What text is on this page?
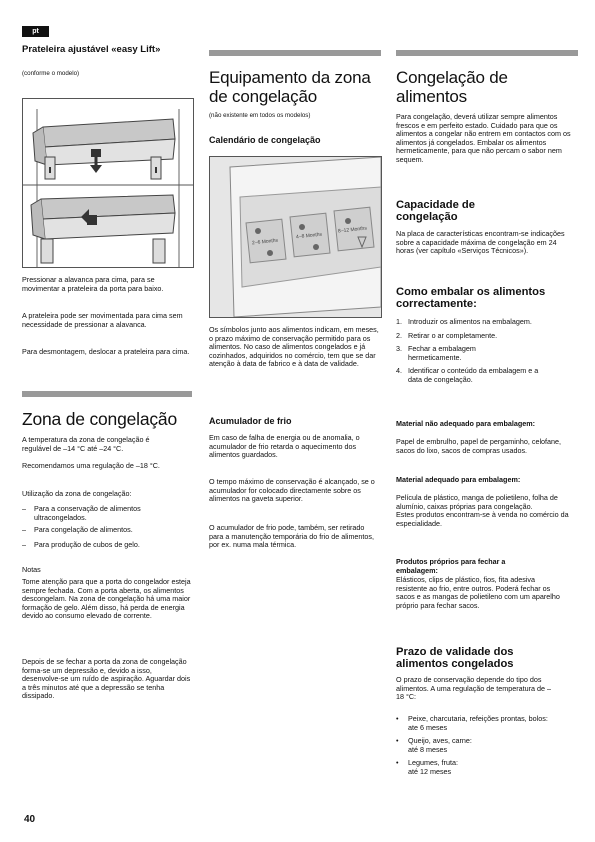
pt
Prateleira ajustável «easy Lift»

(conforme o modelo)

Pressionar a alavanca para cima, para se movimentar a prateleira da porta para baixo.

A prateleira pode ser movimentada para cima sem necessidade de pressionar a alavanca.

Para desmontagem, deslocar a prateleira para cima.

Zona de congelação

A temperatura da zona de congelação é regulável de –14 °C até –24 °C.

Recomendamos uma regulação de –18 °C.

Utilização da zona de congelação:

– Para a conservação de alimentos ultracongelados.
– Para congelação de alimentos.
– Para produção de cubos de gelo.

Notas

Tome atenção para que a porta do congelador esteja sempre fechada. Com a porta aberta, os alimentos descongelam. Na zona de congelação há uma maior formação de gelo. Além disso, há perda de energia devido ao consumo elevado de corrente.

Depois de se fechar a porta da zona de congelação forma-se um depressão e, devido a isso, desenvolve-se um ruído de aspiração. Aguardar dois a três minutos até que a depressão se tenha dissipado.

Equipamento da zona de congelação

(não existente em todos os modelos)

Calendário de congelação
2–6 Months
4–8 Months
8–12 Months

Os símbolos junto aos alimentos indicam, em meses, o prazo máximo de conservação permitido para os alimentos. No caso de alimentos congelados e já cozinhados, adquiridos no comércio, tem que se dar atenção à data de fabrico e à data de validade.

Acumulador de frio

Em caso de falha de energia ou de anomalia, o acumulador de frio retarda o aquecimento dos alimentos guardados.

O tempo máximo de conservação é alcançado, se o acumulador for colocado directamente sobre os alimentos na gaveta superior.

O acumulador de frio pode, também, ser retirado para a manutenção temporária do frio de alimentos, por ex. numa mala térmica.

Congelação de alimentos

Para congelação, deverá utilizar sempre alimentos frescos e em perfeito estado. Cuidado para que os alimentos a congelar não entrem em contactos com os alimentos já congelados. Embalar os alimentos hermeticamente, para que não percam o sabor nem sequem.

Capacidade de congelação

Na placa de características encontram-se indicações sobre a capacidade máxima de congelação em 24 horas (ver capítulo «Serviços Técnicos»).

Como embalar os alimentos correctamente:
1. Introduzir os alimentos na embalagem.
2. Retirar o ar completamente.
3. Fechar a embalagem hermeticamente.
4. Identificar o conteúdo da embalagem e a data de congelação.

Material não adequado para embalagem:

Papel de embrulho, papel de pergaminho, celofane, sacos do lixo, sacos de compras usados.

Material adequado para embalagem:

Película de plástico, manga de polietileno, folha de alumínio, caixas próprias para congelação.
Estes produtos encontram-se à venda no comércio da especialidade.

Produtos próprios para fechar a embalagem:

Elásticos, clips de plástico, fios, fita adesiva resistente ao frio, entre outros. Poderá fechar os sacos e as mangas de polietileno com um aparelho próprio para fechar sacos.

Prazo de validade dos alimentos congelados

O prazo de conservação depende do tipo dos alimentos. A uma regulação de temperatura de –18 °C:

• Peixe, charcutaria, refeições prontas, bolos:
ate 6 meses
• Queijo, aves, carne:
até 8 meses
• Legumes, fruta:
até 12 meses
40
